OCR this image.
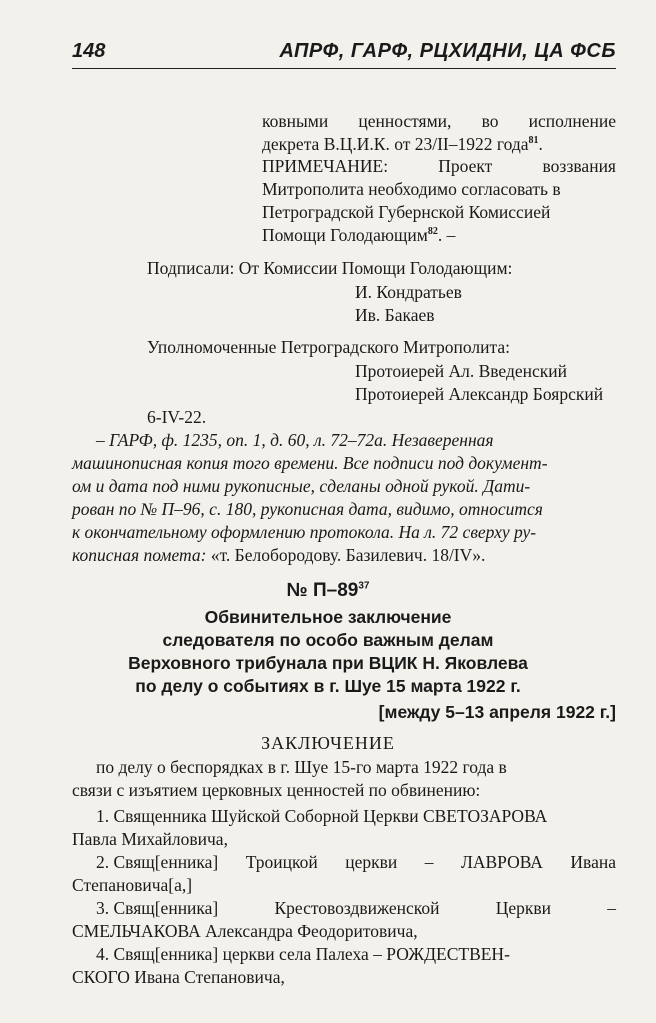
148	АПРФ, ГАРФ, РЦХИДНИ, ЦА ФСБ
ковными ценностями, во исполнение
декрета В.Ц.И.К. от 23/II–1922 года$^{81}$.
ПРИМЕЧАНИЕ:	Проект	воззвания
Митрополита необходимо согласовать в
Петроградской Губернской Комиссией
Помощи Голодающим$^{82}$. –
Подписали: От Комиссии Помощи Голодающим:
И. Кондратьев
Ив. Бакаев
Уполномоченные Петроградского Митрополита:
Протоиерей Ал. Введенский
Протоиерей Александр Боярский
6-IV-22.
– ГАРФ, ф. 1235, оп. 1, д. 60, л. 72–72а. Незаверенная
машинописная копия того времени. Все подписи под документ-
ом и дата под ними рукописные, сделаны одной рукой. Дати-
рован по № П–96, с. 180, рукописная дата, видимо, относится
к окончательному оформлению протокола. На л. 72 сверху ру-
кописная помета: «т. Белобородову. Базилевич. 18/IV».
№ $П-89^{37}$
Обвинительное заключение
следователя по особо важным делам
Верховного трибунала при ВЦИК Н. Яковлева
по делу о событиях в г. Шуе 15 марта 1922 г.
[между 5–13 апреля 1922 г.]
ЗАКЛЮЧЕНИЕ
по делу о беспорядках в г. Шуе 15-го марта 1922 года в
связи с изъятием церковных ценностей по обвинению:
1. Священника Шуйской Соборной Церкви СВЕТОЗАРОВА
Павла Михайловича,
2. Свящ[енника] Троицкой церкви – ЛАВРОВА Ивана
Степановича[а,]
3. Свящ[енника]	Крестовоздвиженской	Церкви	–
СМЕЛЬЧАКОВА Александра Феодоритовича,
4. Свящ[енника] церкви села Палеха – РОЖДЕСТВЕН-
СКОГО Ивана Степановича,
